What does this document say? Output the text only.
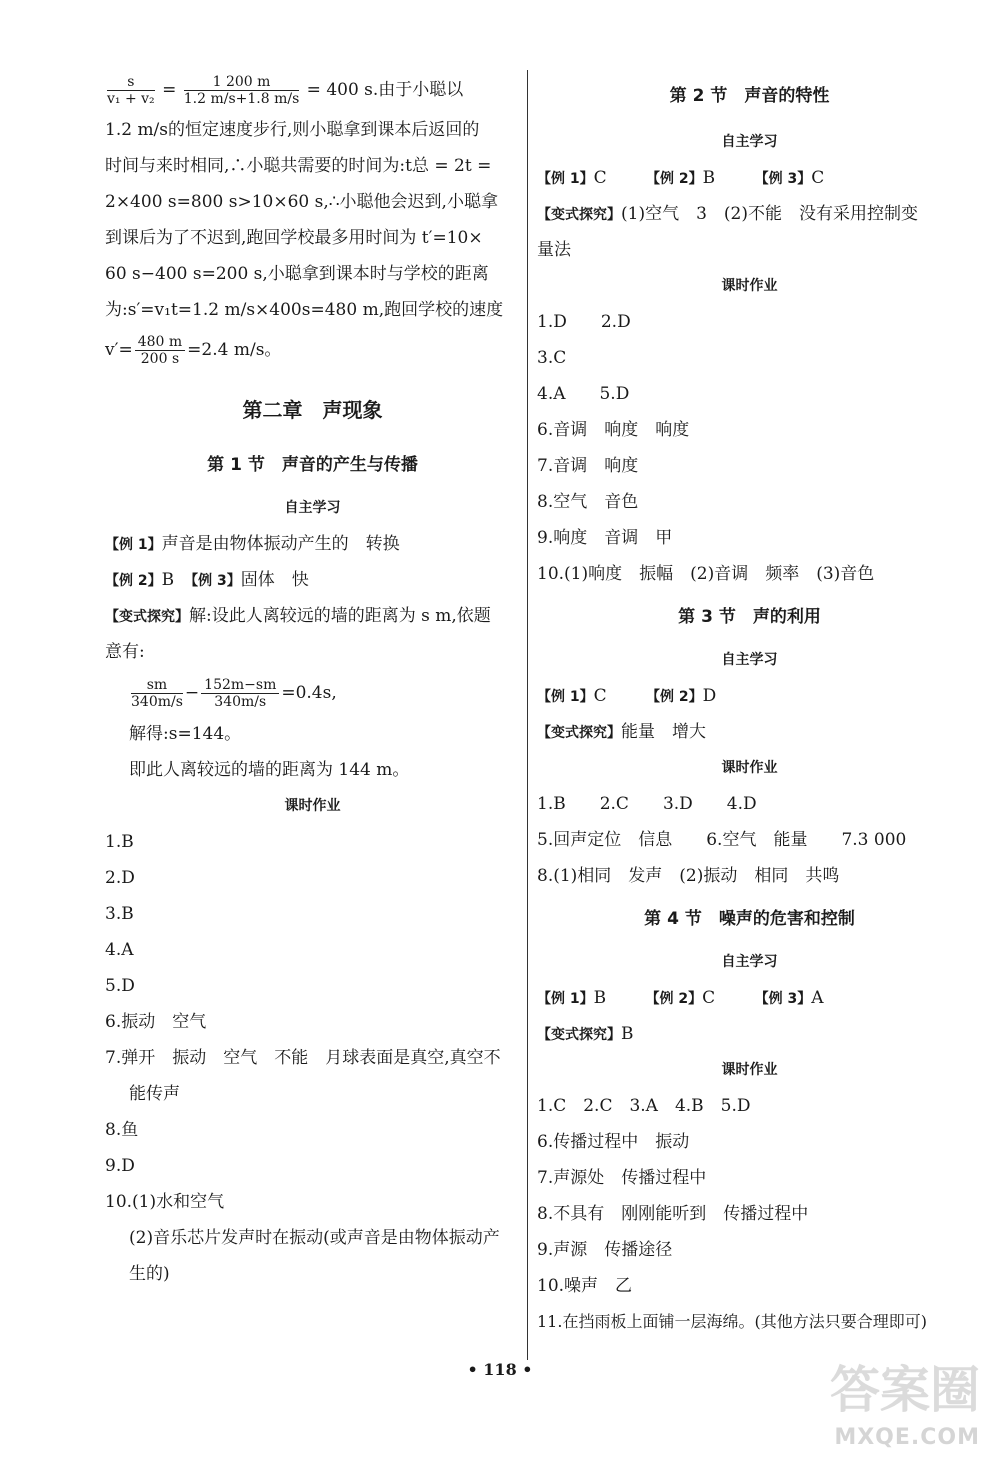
$\frac{s}{\text{v₁ + v₂}} = \frac{1 200 m}{1.2 m/s+1.8 m/s} = 400$ s.由于小聪以
1.2 m/s的恒定速度步行,则小聪拿到课本后返回的
时间与来时相同,∴小聪共需要的时间为:t总 = 2t =
2×400 s=800 s>10×60 s,∴小聪他会迟到,小聪拿
到课后为了不迟到,跑回学校最多用时间为 t′=10×
60 s−400 s=200 s,小聪拿到课本时与学校的距离
为:s′=v₁t=1.2 m/s×400s=480 m,跑回学校的速度
$v'= \frac{480 m}{200 s} =2.4$ m/s。
第二章　声现象
第 1 节　声音的产生与传播
自主学习
【例 1】声音是由物体振动产生的　转换
【例 2】B　【例 3】固体　快
【变式探究】解:设此人离较远的墙的距离为 s m,依题
意有:
$\frac{sm}{340m/s} - \frac{152m-sm}{340m/s} =0.4s$,
解得:s=144。
即此人离较远的墙的距离为 144 m。
课时作业
1.B
2.D
3.B
4.A
5.D
6.振动　空气
7.弹开　振动　空气　不能　月球表面是真空,真空不
能传声
8.鱼
9.D
10.(1)水和空气
(2)音乐芯片发声时在振动(或声音是由物体振动产
生的)
第 2 节　声音的特性
自主学习
【例 1】C　　 【例 2】B　　 【例 3】C
【变式探究】(1)空气　3　(2)不能　没有采用控制变
量法
课时作业
1.D　　2.D
3.C
4.A　　5.D
6.音调　响度　响度
7.音调　响度
8.空气　音色
9.响度　音调　甲
10.(1)响度　振幅　(2)音调　频率　(3)音色
第 3 节　声的利用
自主学习
【例 1】C　　 【例 2】D
【变式探究】能量　增大
课时作业
1.B　　2.C　　3.D　　4.D
5.回声定位　信息　　6.空气　能量　　7.3 000
8.(1)相同　发声　(2)振动　相同　共鸣
第 4 节　噪声的危害和控制
自主学习
【例 1】B　　 【例 2】C　　 【例 3】A
【变式探究】B
课时作业
1.C　2.C　3.A　4.B　5.D
6.传播过程中　振动
7.声源处　传播过程中
8.不具有　刚刚能听到　传播过程中
9.声源　传播途径
10.噪声　乙
11.在挡雨板上面铺一层海绵。(其他方法只要合理即可)
• 118 •	答案圈
MXQE.COM
